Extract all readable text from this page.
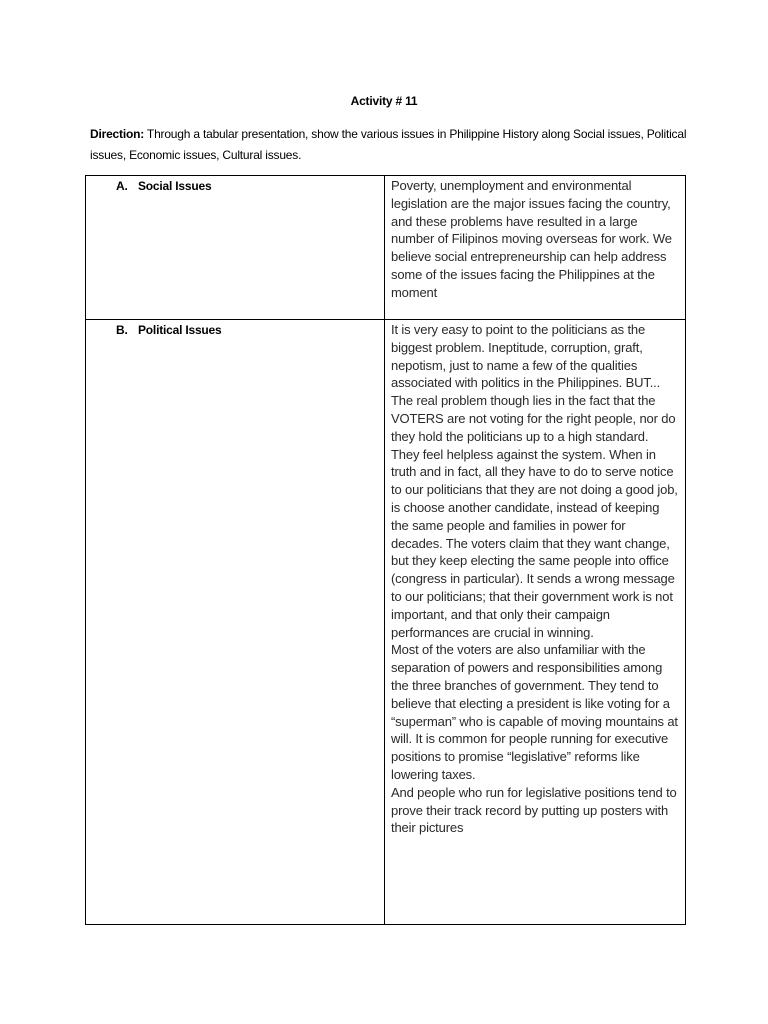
Activity # 11
Direction: Through a tabular presentation, show the various issues in Philippine History along Social issues, Political issues, Economic issues, Cultural issues.
A. Social Issues	Poverty, unemployment and environmental legislation are the major issues facing the country, and these problems have resulted in a large number of Filipinos moving overseas for work. We believe social entrepreneurship can help address some of the issues facing the Philippines at the moment

B. Political Issues	It is very easy to point to the politicians as the biggest problem. Ineptitude, corruption, graft, nepotism, just to name a few of the qualities associated with politics in the Philippines. BUT...

The real problem though lies in the fact that the VOTERS are not voting for the right people, nor do they hold the politicians up to a high standard.

They feel helpless against the system. When in truth and in fact, all they have to do to serve notice to our politicians that they are not doing a good job, is choose another candidate, instead of keeping the same people and families in power for decades. The voters claim that they want change, but they keep electing the same people into office (congress in particular). It sends a wrong message to our politicians; that their government work is not important, and that only their campaign performances are crucial in winning.

Most of the voters are also unfamiliar with the separation of powers and responsibilities among the three branches of government. They tend to believe that electing a president is like voting for a “superman” who is capable of moving mountains at will. It is common for people running for executive positions to promise “legislative” reforms like lowering taxes.

And people who run for legislative positions tend to prove their track record by putting up posters with their pictures
